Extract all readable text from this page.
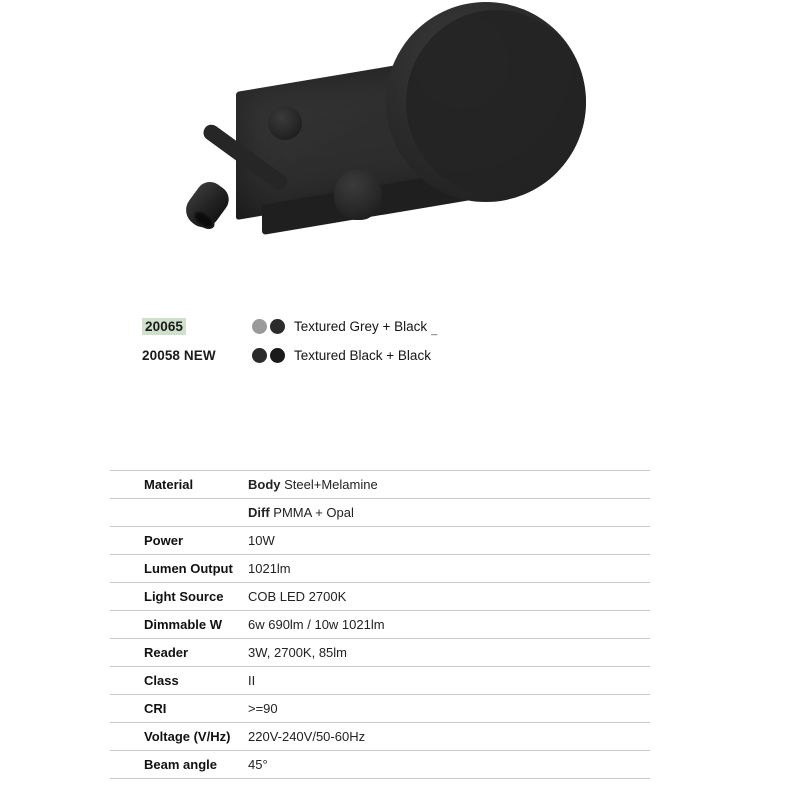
20065	Textured Grey + Black _
20058 NEW	Textured Black + Black
	Material	Body Steel+Melamine
		Diff PMMA + Opal
	Power	10W
	Lumen Output	1021lm
	Light Source	COB LED 2700K
	Dimmable W	6w 690lm / 10w 1021lm
	Reader	3W, 2700K, 85lm
	Class	II
	CRI	>=90
	Voltage (V/Hz)	220V-240V/50-60Hz
	Beam angle	45°
